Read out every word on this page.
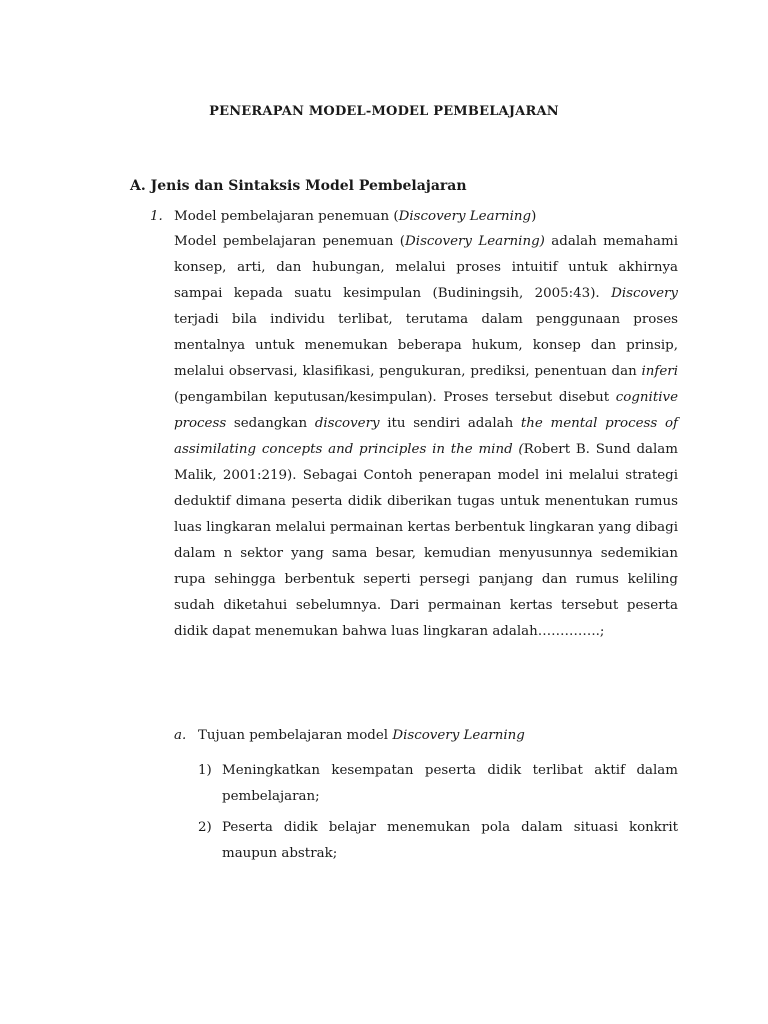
PENERAPAN MODEL-MODEL PEMBELAJARAN
A. Jenis dan Sintaksis Model Pembelajaran

1. Model pembelajaran penemuan (Discovery Learning)

Model pembelajaran penemuan (Discovery Learning) adalah memahami konsep, arti, dan hubungan, melalui proses intuitif untuk akhirnya sampai kepada suatu kesimpulan (Budiningsih, 2005:43). Discovery terjadi bila individu terlibat, terutama dalam penggunaan proses mentalnya untuk menemukan beberapa hukum, konsep dan prinsip, melalui observasi, klasifikasi, pengukuran, prediksi, penentuan dan inferi (pengambilan keputusan/kesimpulan). Proses tersebut disebut cognitive process sedangkan discovery itu sendiri adalah the mental process of assimilating concepts and principles in the mind (Robert B. Sund dalam Malik, 2001:219). Sebagai Contoh penerapan model ini melalui strategi deduktif dimana peserta didik diberikan tugas untuk menentukan rumus luas lingkaran melalui permainan kertas berbentuk lingkaran yang dibagi dalam n sektor yang sama besar, kemudian menyusunnya sedemikian rupa sehingga berbentuk seperti persegi panjang dan rumus keliling sudah diketahui sebelumnya. Dari permainan kertas tersebut peserta didik dapat menemukan bahwa luas lingkaran adalah…………..;

a. Tujuan pembelajaran model Discovery Learning

1) Meningkatkan kesempatan peserta didik terlibat aktif dalam pembelajaran;
2) Peserta didik belajar menemukan pola dalam situasi konkrit maupun abstrak;
